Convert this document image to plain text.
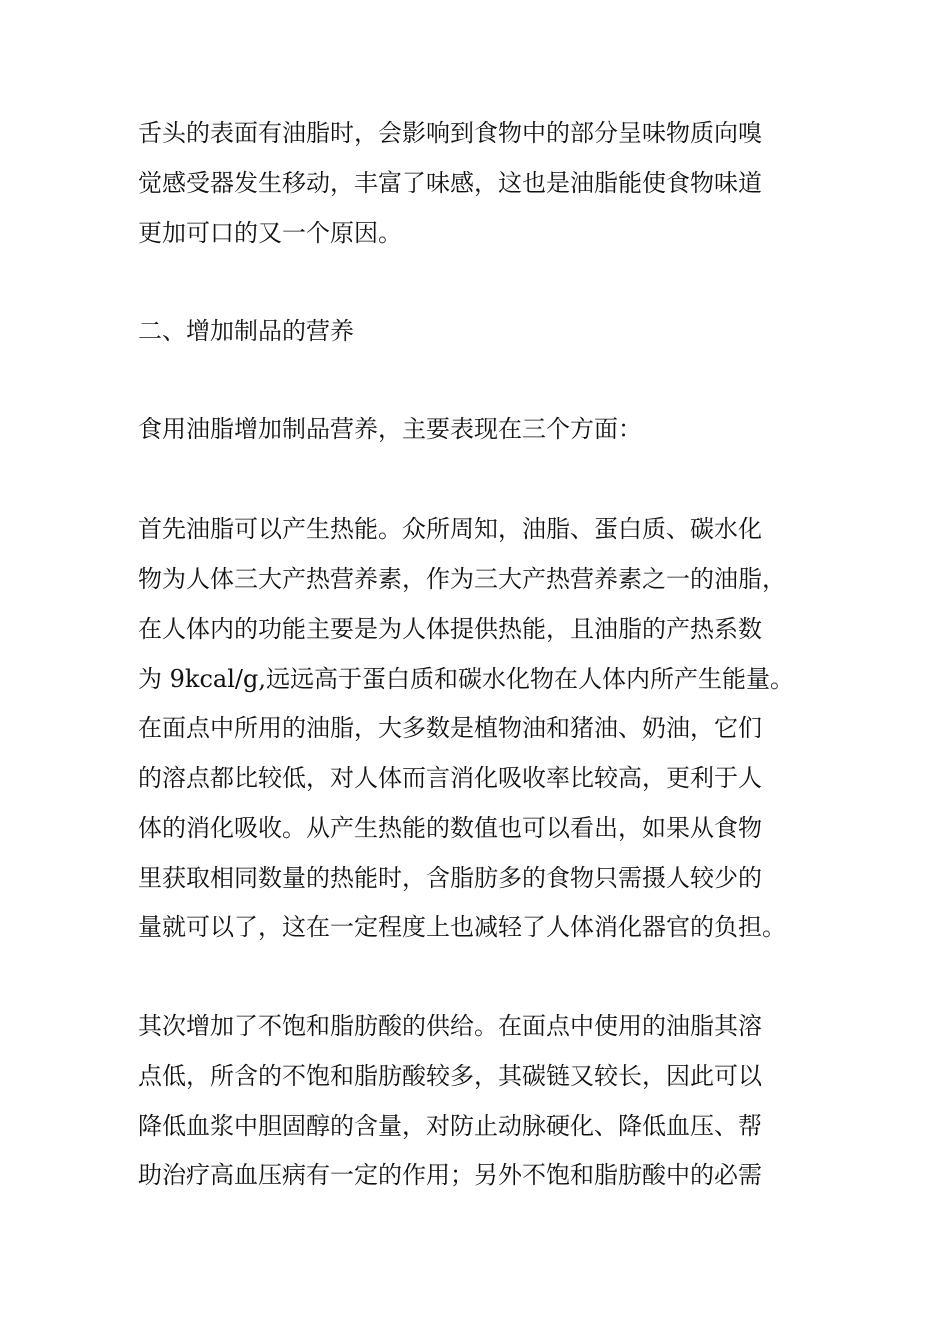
舌头的表面有油脂时，会影响到食物中的部分呈味物质向嗅

觉感受器发生移动，丰富了味感，这也是油脂能使食物味道

更加可口的又一个原因。

二、增加制品的营养

食用油脂增加制品营养，主要表现在三个方面：

首先油脂可以产生热能。众所周知，油脂、蛋白质、碳水化

物为人体三大产热营养素，作为三大产热营养素之一的油脂，

在人体内的功能主要是为人体提供热能，且油脂的产热系数

为 9kcal/g,远远高于蛋白质和碳水化物在人体内所产生能量。

在面点中所用的油脂，大多数是植物油和猪油、奶油，它们

的溶点都比较低，对人体而言消化吸收率比较高，更利于人

体的消化吸收。从产生热能的数值也可以看出，如果从食物

里获取相同数量的热能时，含脂肪多的食物只需摄人较少的

量就可以了，这在一定程度上也减轻了人体消化器官的负担。

其次增加了不饱和脂肪酸的供给。在面点中使用的油脂其溶

点低，所含的不饱和脂肪酸较多，其碳链又较长，因此可以

降低血浆中胆固醇的含量，对防止动脉硬化、降低血压、帮

助治疗高血压病有一定的作用；另外不饱和脂肪酸中的必需
